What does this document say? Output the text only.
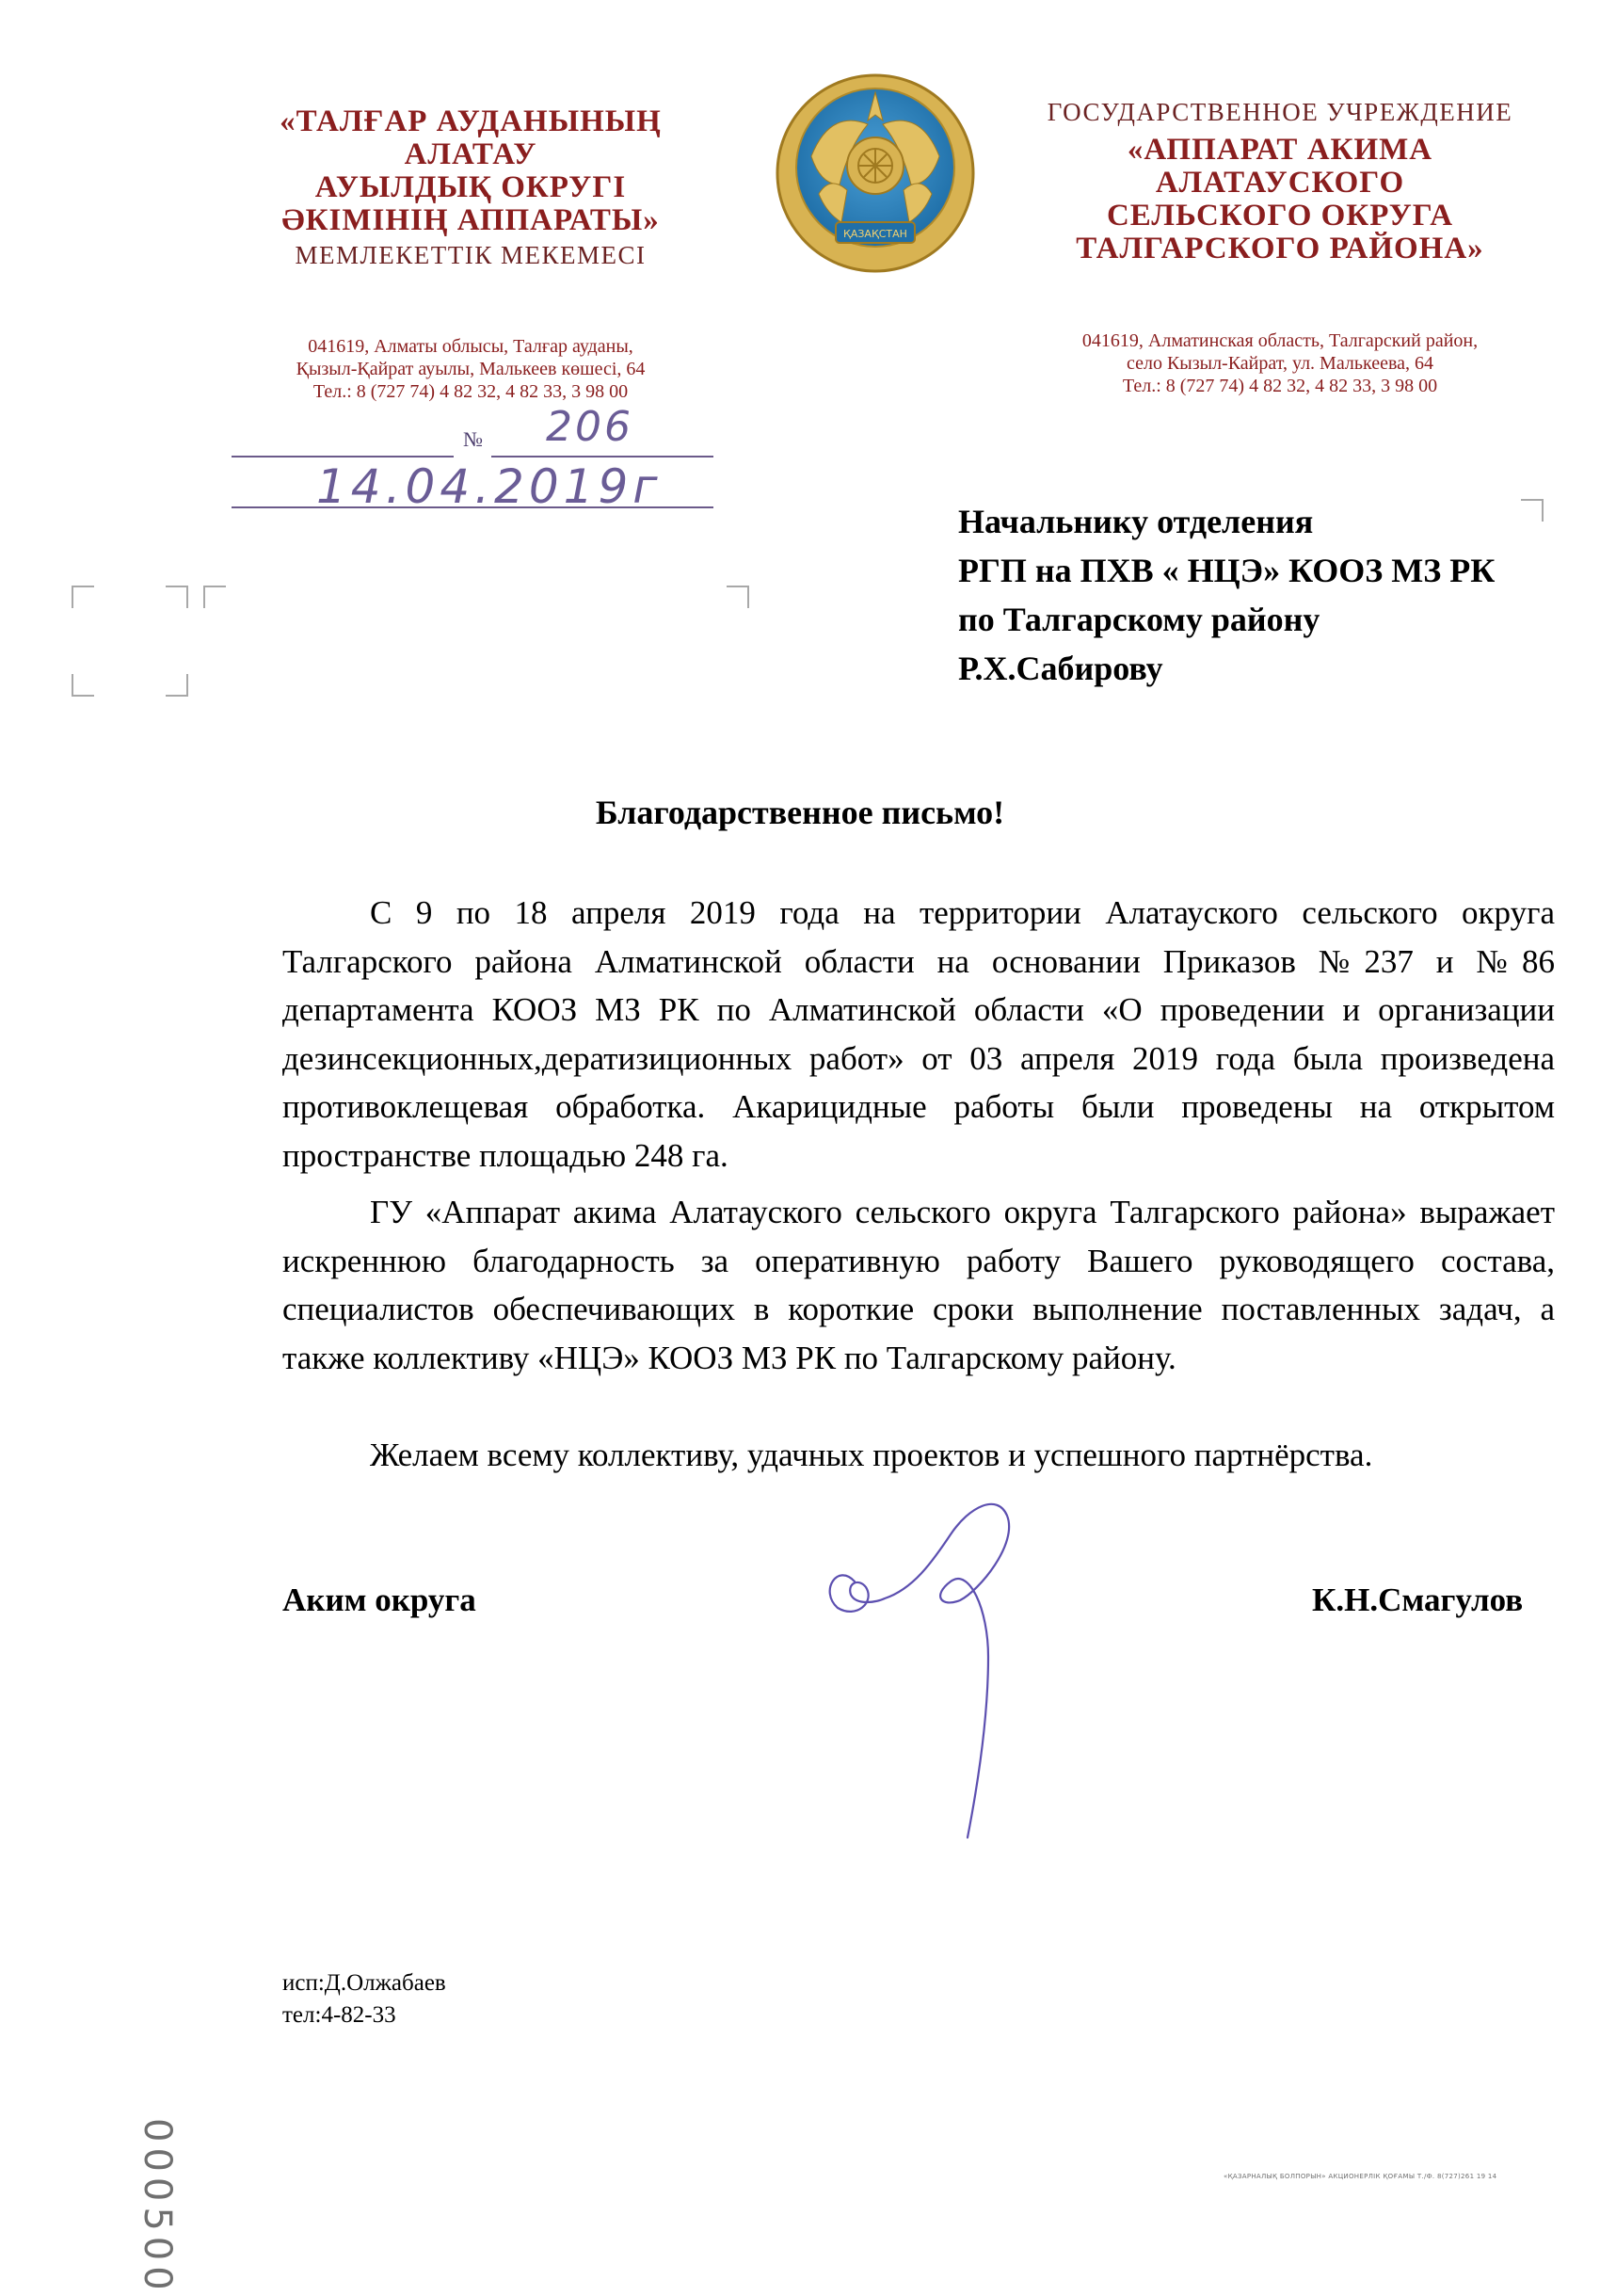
«ТАЛҒАР АУДАНЫНЫҢ
АЛАТАУ
АУЫЛДЫҚ ОКРУГІ
ӘКІМІНІҢ АППАРАТЫ»
МЕМЛЕКЕТТІК МЕКЕМЕСІ
041619, Алматы облысы, Талғар ауданы,
Қызыл-Қайрат ауылы, Малькеев көшесі, 64
Тел.: 8 (727 74) 4 82 32, 4 82 33, 3 98 00
ҚАЗАҚСТАН
ГОСУДАРСТВЕННОЕ УЧРЕЖДЕНИЕ
«АППАРАТ АКИМА
АЛАТАУСКОГО
СЕЛЬСКОГО ОКРУГА
ТАЛГАРСКОГО РАЙОНА»
041619, Алматинская область, Талгарский район,
село Кызыл-Кайрат, ул. Малькеева, 64
Тел.: 8 (727 74) 4 82 32, 4 82 33, 3 98 00
№ 206
14.04.2019г
Начальнику отделения
РГП на ПХВ « НЦЭ» КООЗ МЗ РК
по Талгарскому району
Р.Х.Сабирову
Благодарственное письмо!
С 9 по 18 апреля 2019 года на территории Алатауского сельского округа Талгарского района Алматинской области на основании Приказов №237 и №86 департамента КООЗ МЗ РК по Алматинской области «О проведении и организации дезинсекционных,дератизиционных работ» от 03 апреля 2019 года была произведена противоклещевая обработка. Акарицидные работы были проведены на открытом пространстве площадью 248 га.
ГУ «Аппарат акима Алатауского сельского округа Талгарского района» выражает искреннюю благодарность за оперативную работу Вашего руководящего состава, специалистов обеспечивающих в короткие сроки выполнение поставленных задач, а также коллективу «НЦЭ» КООЗ МЗ РК по Талгарскому району.
Желаем всему коллективу, удачных проектов и успешного партнёрства.
Аким округа	К.Н.Смагулов
исп:Д.Олжабаев
тел:4-82-33
000500	«ҚАЗАРНАЛЫҚ БОЛПОРЫН» АКЦИОНЕРЛІК ҚОҒАМЫ Т./Ф. 8(727)261 19 14
